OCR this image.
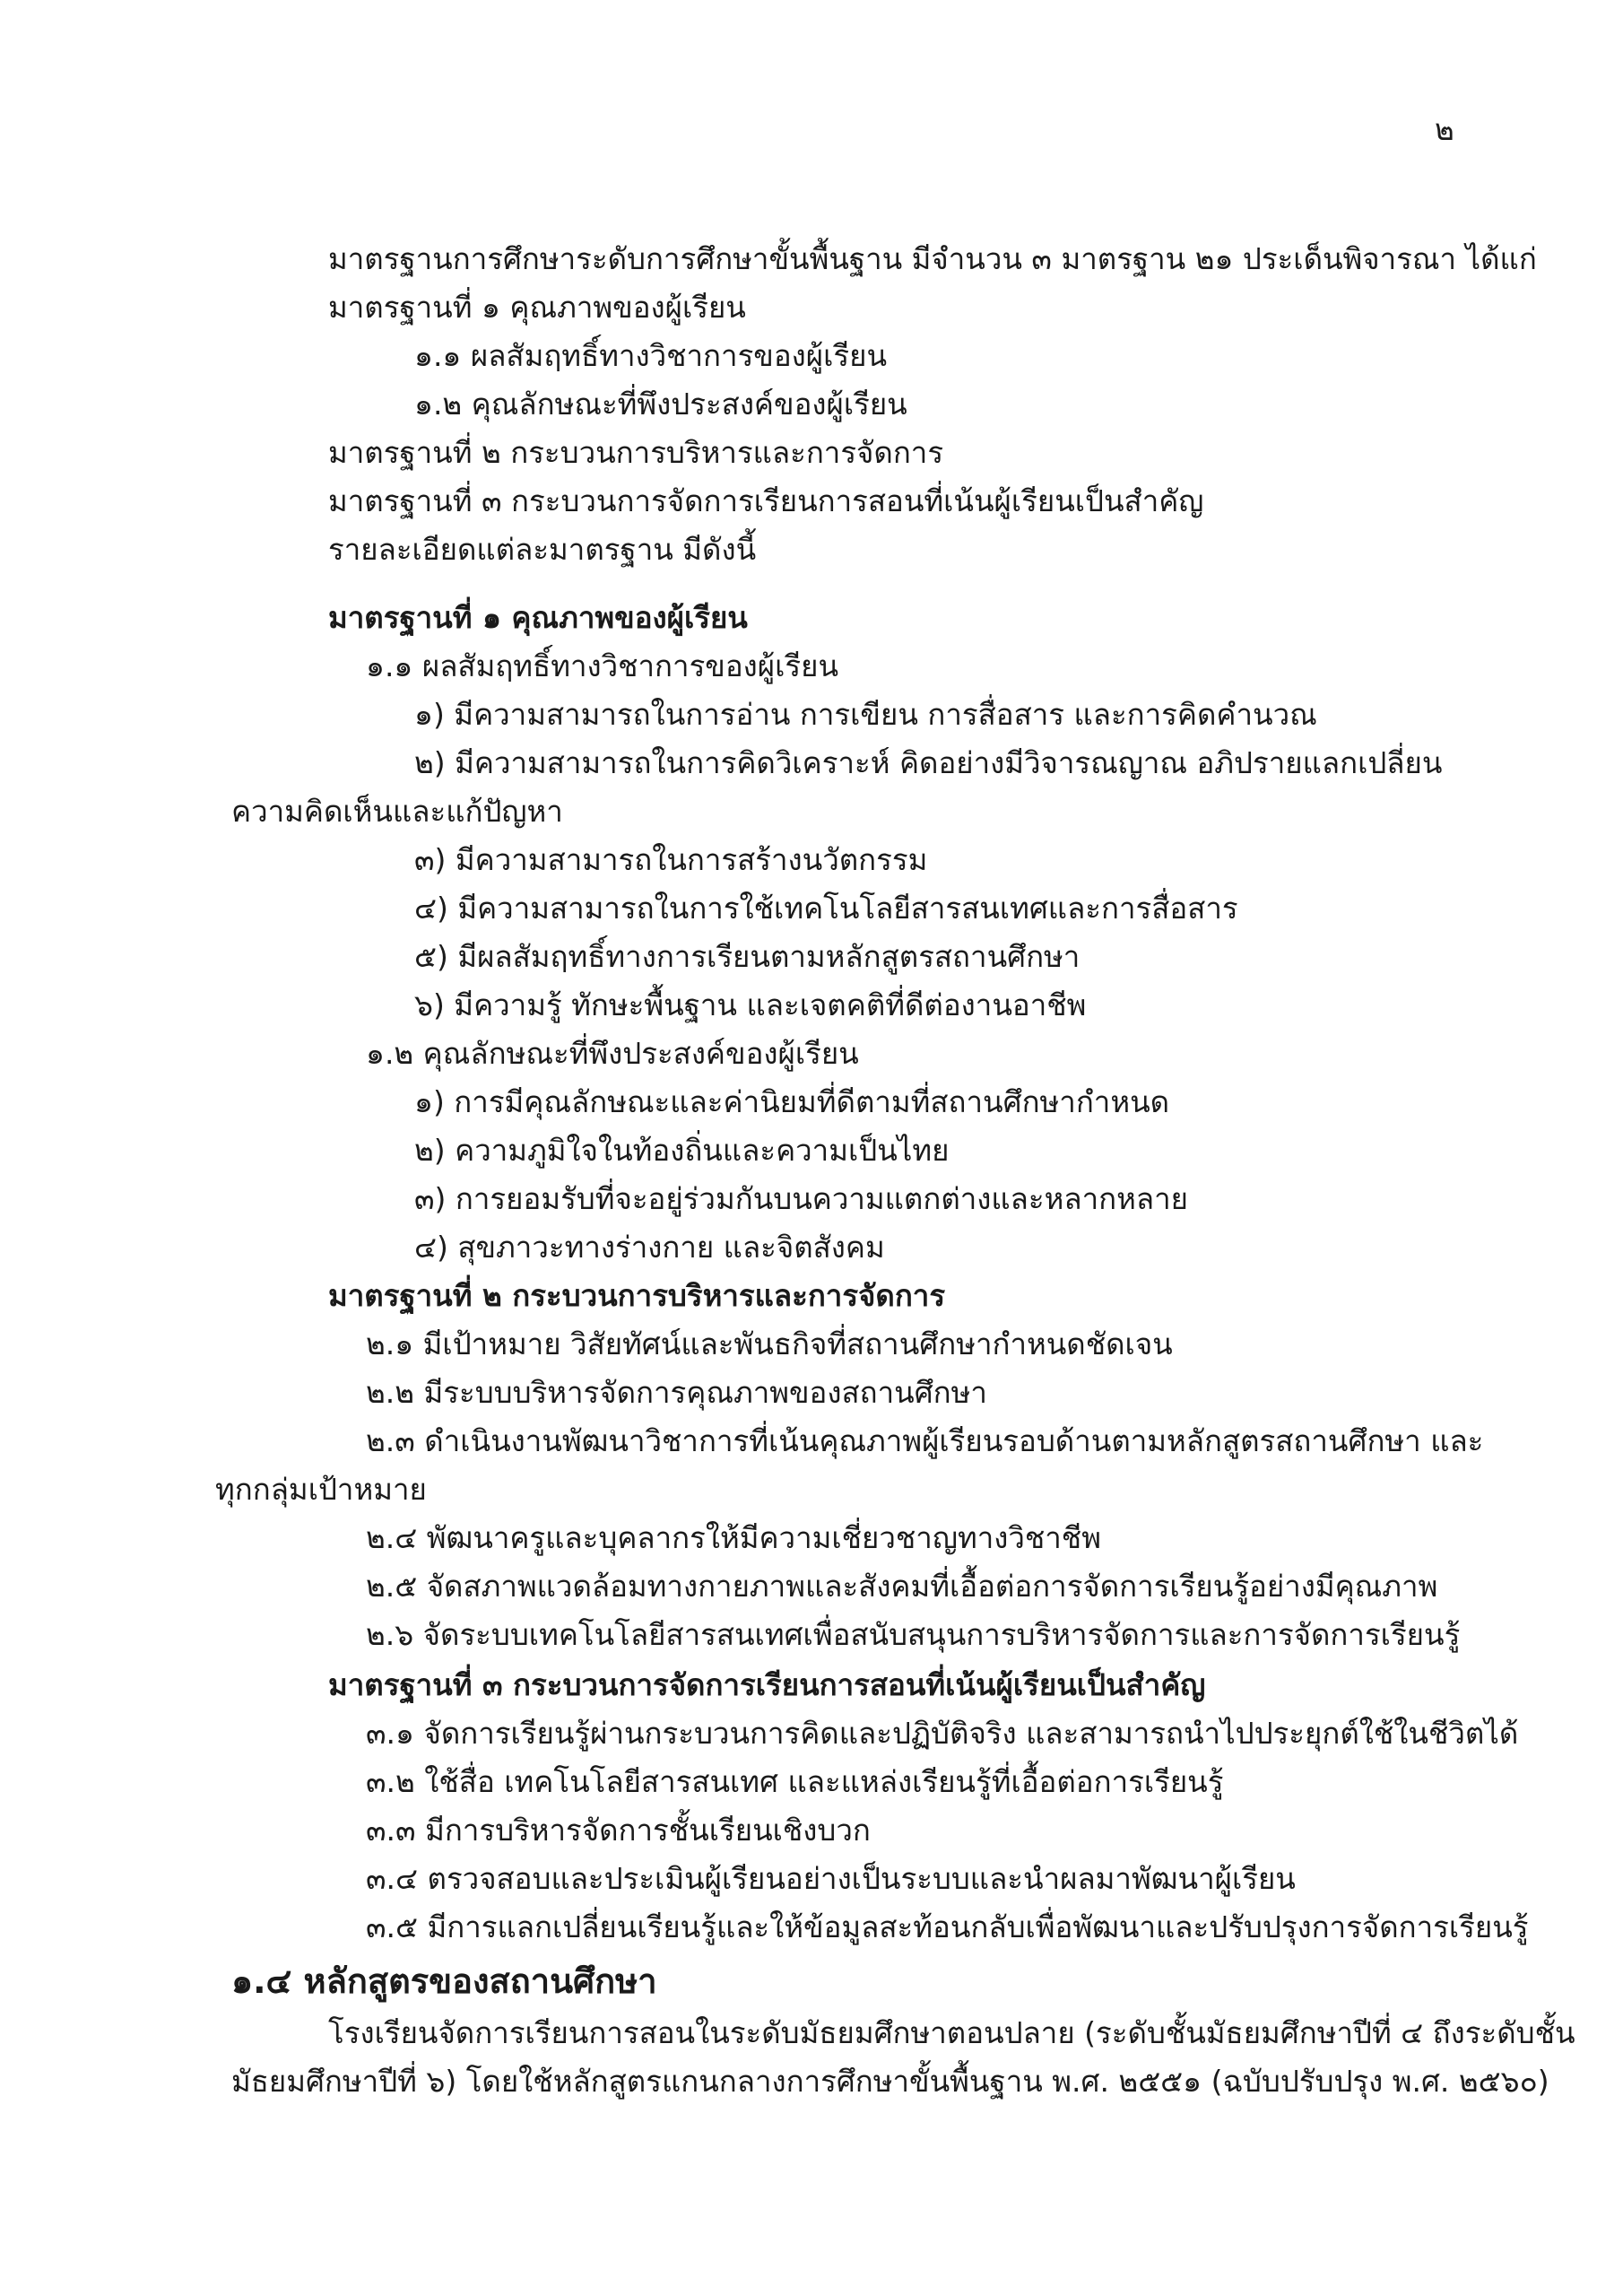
๒
มาตรฐานการศึกษาระดับการศึกษาขั้นพื้นฐาน มีจำนวน ๓ มาตรฐาน ๒๑ ประเด็นพิจารณา ได้แก่
มาตรฐานที่ ๑ คุณภาพของผู้เรียน
๑.๑ ผลสัมฤทธิ์ทางวิชาการของผู้เรียน
๑.๒ คุณลักษณะที่พึงประสงค์ของผู้เรียน
มาตรฐานที่ ๒ กระบวนการบริหารและการจัดการ
มาตรฐานที่ ๓ กระบวนการจัดการเรียนการสอนที่เน้นผู้เรียนเป็นสำคัญ
รายละเอียดแต่ละมาตรฐาน มีดังนี้
มาตรฐานที่ ๑ คุณภาพของผู้เรียน
๑.๑ ผลสัมฤทธิ์ทางวิชาการของผู้เรียน
๑) มีความสามารถในการอ่าน การเขียน การสื่อสาร และการคิดคำนวณ
๒) มีความสามารถในการคิดวิเคราะห์ คิดอย่างมีวิจารณญาณ อภิปรายแลกเปลี่ยน
ความคิดเห็นและแก้ปัญหา
๓) มีความสามารถในการสร้างนวัตกรรม
๔) มีความสามารถในการใช้เทคโนโลยีสารสนเทศและการสื่อสาร
๕) มีผลสัมฤทธิ์ทางการเรียนตามหลักสูตรสถานศึกษา
๖) มีความรู้ ทักษะพื้นฐาน และเจตคติที่ดีต่องานอาชีพ
๑.๒ คุณลักษณะที่พึงประสงค์ของผู้เรียน
๑) การมีคุณลักษณะและค่านิยมที่ดีตามที่สถานศึกษากำหนด
๒) ความภูมิใจในท้องถิ่นและความเป็นไทย
๓) การยอมรับที่จะอยู่ร่วมกันบนความแตกต่างและหลากหลาย
๔) สุขภาวะทางร่างกาย และจิตสังคม
มาตรฐานที่ ๒ กระบวนการบริหารและการจัดการ
๒.๑ มีเป้าหมาย วิสัยทัศน์และพันธกิจที่สถานศึกษากำหนดชัดเจน
๒.๒ มีระบบบริหารจัดการคุณภาพของสถานศึกษา
๒.๓ ดำเนินงานพัฒนาวิชาการที่เน้นคุณภาพผู้เรียนรอบด้านตามหลักสูตรสถานศึกษา และ
ทุกกลุ่มเป้าหมาย
๒.๔ พัฒนาครูและบุคลากรให้มีความเชี่ยวชาญทางวิชาชีพ
๒.๕ จัดสภาพแวดล้อมทางกายภาพและสังคมที่เอื้อต่อการจัดการเรียนรู้อย่างมีคุณภาพ
๒.๖ จัดระบบเทคโนโลยีสารสนเทศเพื่อสนับสนุนการบริหารจัดการและการจัดการเรียนรู้
มาตรฐานที่ ๓ กระบวนการจัดการเรียนการสอนที่เน้นผู้เรียนเป็นสำคัญ
๓.๑ จัดการเรียนรู้ผ่านกระบวนการคิดและปฏิบัติจริง และสามารถนำไปประยุกต์ใช้ในชีวิตได้
๓.๒ ใช้สื่อ เทคโนโลยีสารสนเทศ และแหล่งเรียนรู้ที่เอื้อต่อการเรียนรู้
๓.๓ มีการบริหารจัดการชั้นเรียนเชิงบวก
๓.๔ ตรวจสอบและประเมินผู้เรียนอย่างเป็นระบบและนำผลมาพัฒนาผู้เรียน
๓.๕ มีการแลกเปลี่ยนเรียนรู้และให้ข้อมูลสะท้อนกลับเพื่อพัฒนาและปรับปรุงการจัดการเรียนรู้
๑.๔ หลักสูตรของสถานศึกษา
โรงเรียนจัดการเรียนการสอนในระดับมัธยมศึกษาตอนปลาย (ระดับชั้นมัธยมศึกษาปีที่ ๔ ถึงระดับชั้น
มัธยมศึกษาปีที่ ๖) โดยใช้หลักสูตรแกนกลางการศึกษาขั้นพื้นฐาน พ.ศ. ๒๕๕๑ (ฉบับปรับปรุง พ.ศ. ๒๕๖๐)
